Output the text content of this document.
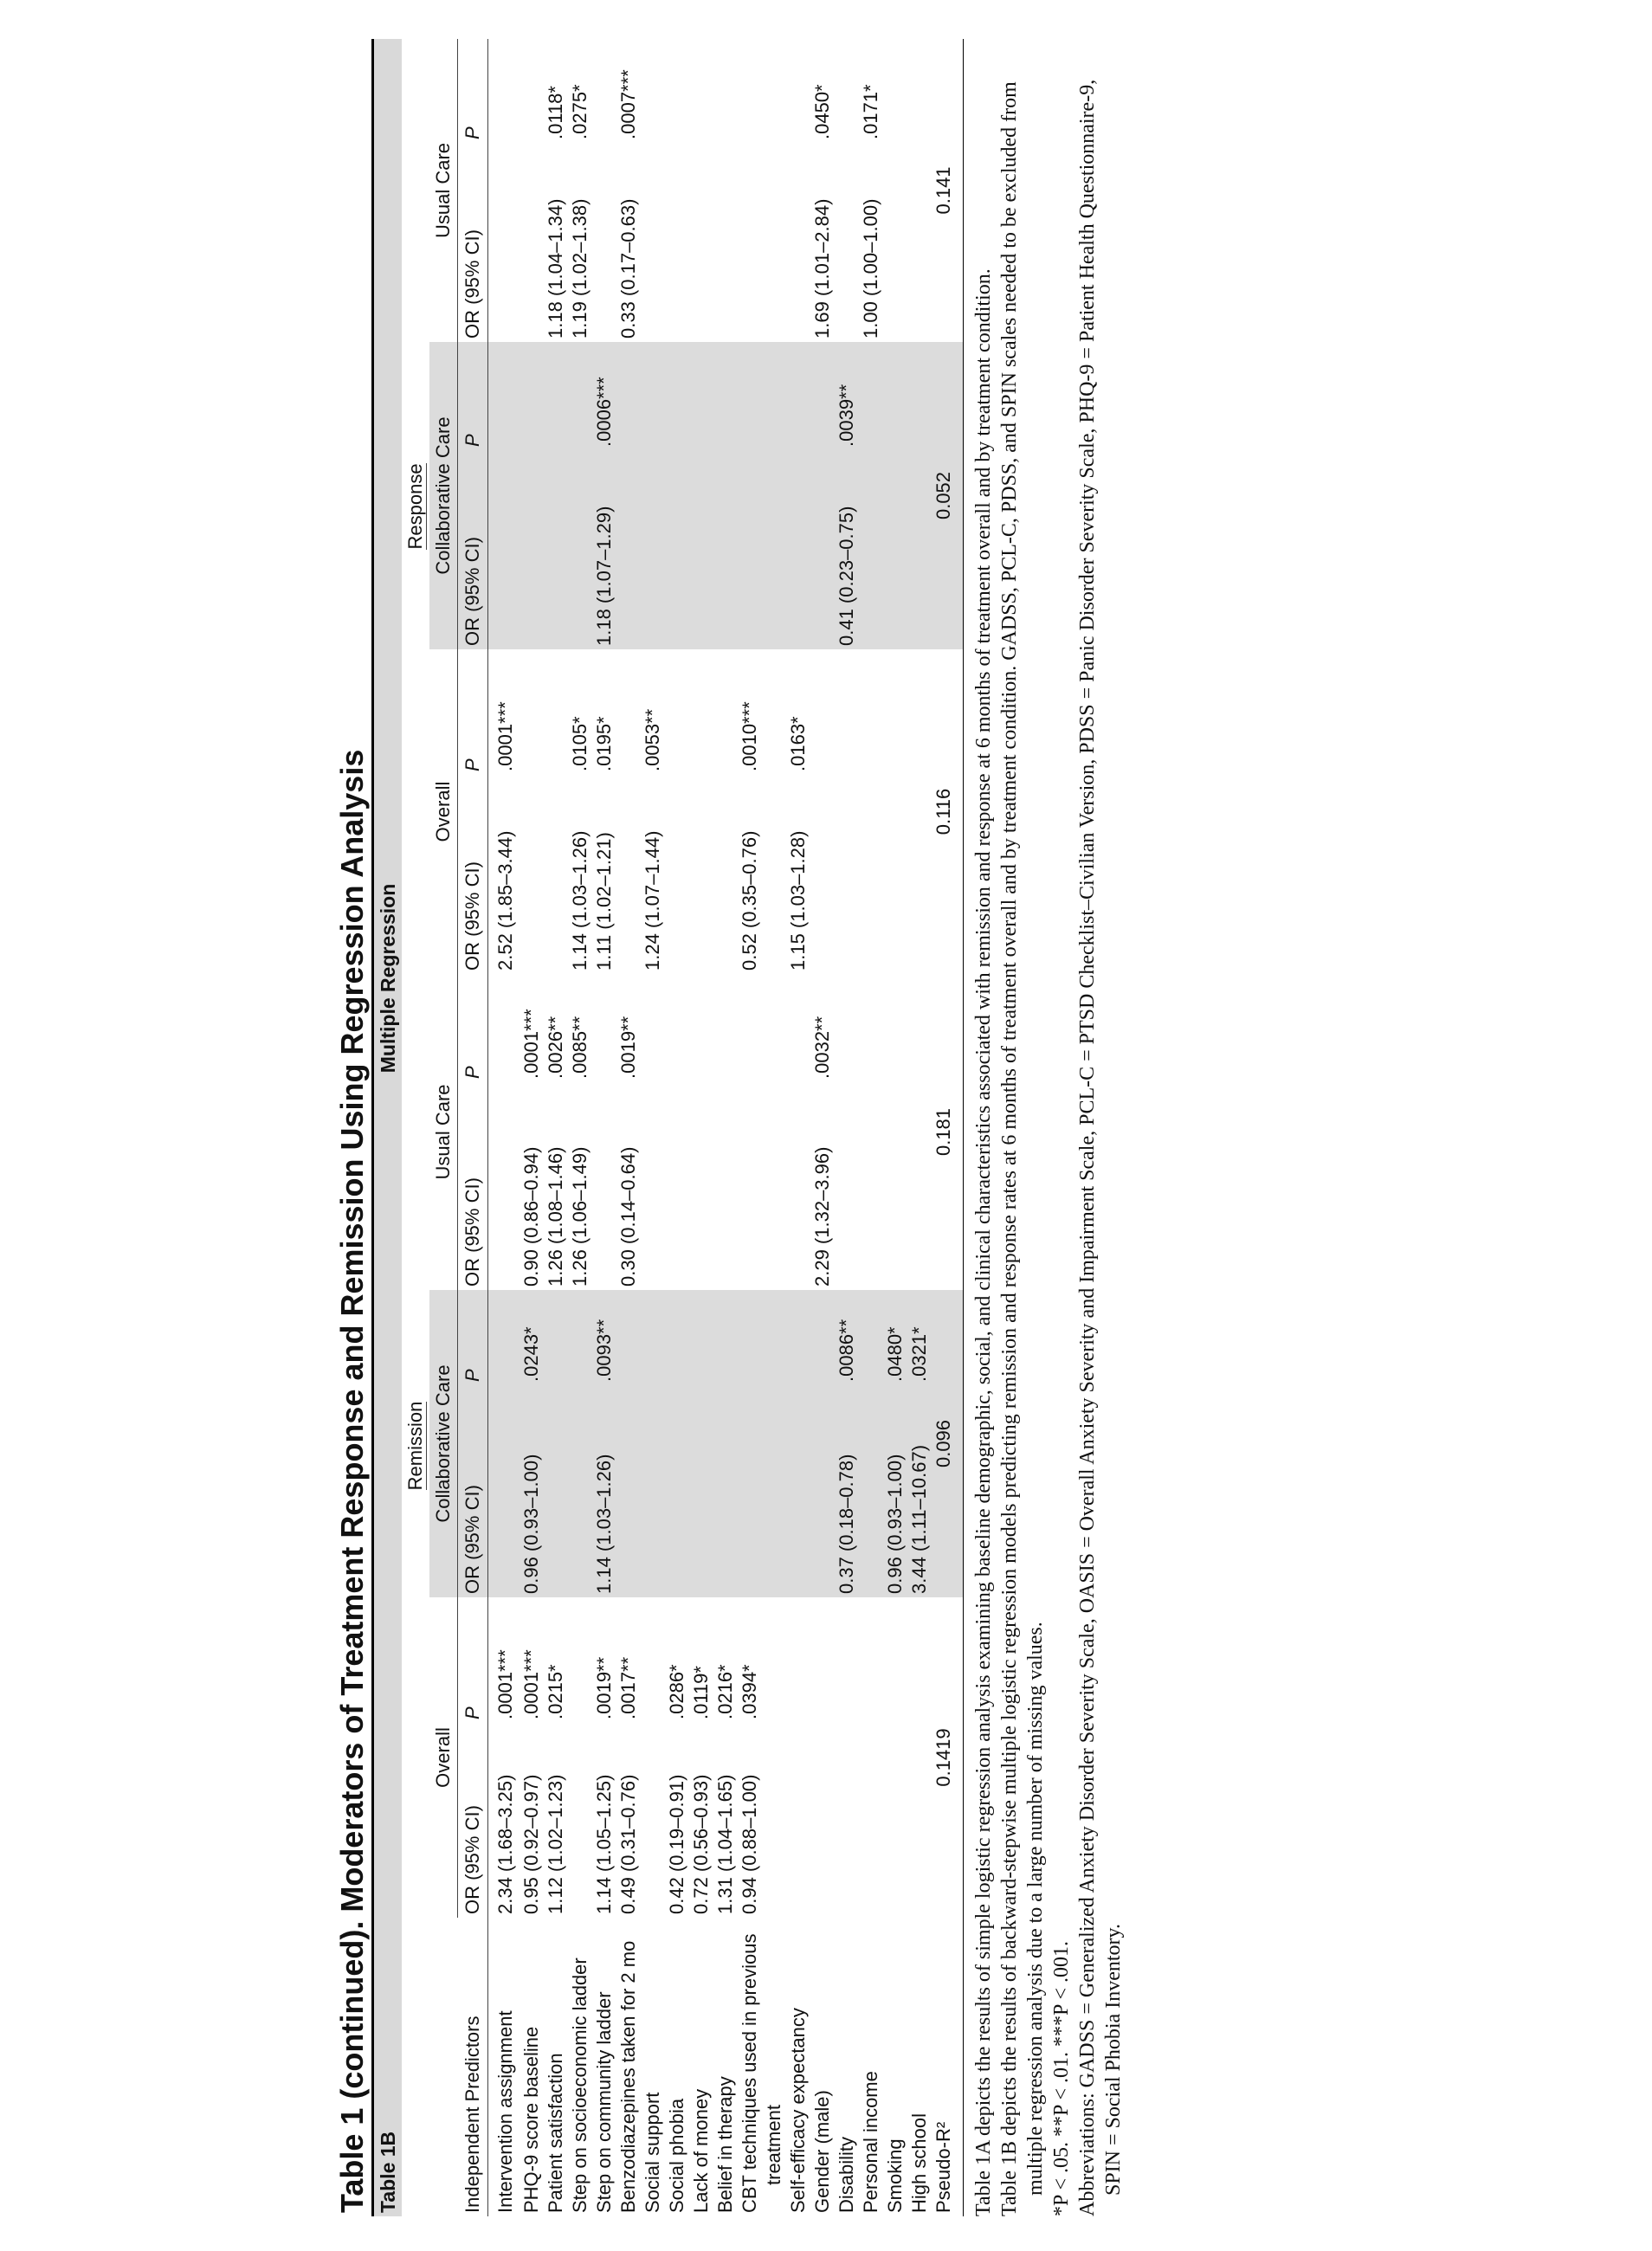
Table 1 (continued). Moderators of Treatment Response and Remission Using Regression Analysis Table 1B	Multiple Regression											
	Remission						Response					
	Overall		Collaborative Care		Usual Care		Overall		Collaborative Care		Usual Care	
Independent Predictors	OR (95% CI)	P	OR (95% CI)	P	OR (95% CI)	P	OR (95% CI)	P	OR (95% CI)	P	OR (95% CI)	P
Intervention assignment	2.34 (1.68–3.25)	.0001***					2.52 (1.85–3.44)	.0001***				
PHQ-9 score baseline	0.95 (0.92–0.97)	.0001***	0.96 (0.93–1.00)	.0243*	0.90 (0.86–0.94)	.0001***						
Patient satisfaction	1.12 (1.02–1.23)	.0215*			1.26 (1.08–1.46)	.0026**					1.18 (1.04–1.34)	.0118*
Step on socioeconomic ladder					1.26 (1.06–1.49)	.0085**	1.14 (1.03–1.26)	.0105*			1.19 (1.02–1.38)	.0275*
Step on community ladder	1.14 (1.05–1.25)	.0019**	1.14 (1.03–1.26)	.0093**			1.11 (1.02–1.21)	.0195*	1.18 (1.07–1.29)	.0006***		
Benzodiazepines taken for 2 mo	0.49 (0.31–0.76)	.0017**			0.30 (0.14–0.64)	.0019**					0.33 (0.17–0.63)	.0007***
Social support							1.24 (1.07–1.44)	.0053**				
Social phobia	0.42 (0.19–0.91)	.0286*										
Lack of money	0.72 (0.56–0.93)	.0119*										
Belief in therapy	1.31 (1.04–1.65)	.0216*										
CBT techniques used in previous	0.94 (0.88–1.00)	.0394*					0.52 (0.35–0.76)	.0010***				
treatment												
Self-efficacy expectancy							1.15 (1.03–1.28)	.0163*				
Gender (male)					2.29 (1.32–3.96)	.0032**					1.69 (1.01–2.84)	.0450*
Disability			0.37 (0.18–0.78)	.0086**					0.41 (0.23–0.75)	.0039**		
Personal income											1.00 (1.00–1.00)	.0171*
Smoking			0.96 (0.93–1.00)	.0480*								
High school			3.44 (1.11–10.67)	.0321*								
Pseudo-R²	0.1419		0.096		0.181		0.116		0.052		0.141	

Table 1A depicts the results of simple logistic regression analysis examining baseline demographic, social, and clinical characteristics associated with remission and response at 6 months of treatment overall and by treatment condition. Table 1B depicts the results of backward-stepwise multiple logistic regression models predicting remission and response rates at 6 months of treatment overall and by treatment condition. GADSS, PCL-C, PDSS, and SPIN scales needed to be excluded from multiple regression analysis due to a large number of missing values. *P < .05. **P < .01. ***P < .001. Abbreviations: GADSS = Generalized Anxiety Disorder Severity Scale, OASIS = Overall Anxiety Severity and Impairment Scale, PCL-C = PTSD Checklist–Civilian Version, PDSS = Panic Disorder Severity Scale, PHQ-9 = Patient Health Questionnaire-9, SPIN = Social Phobia Inventory.
